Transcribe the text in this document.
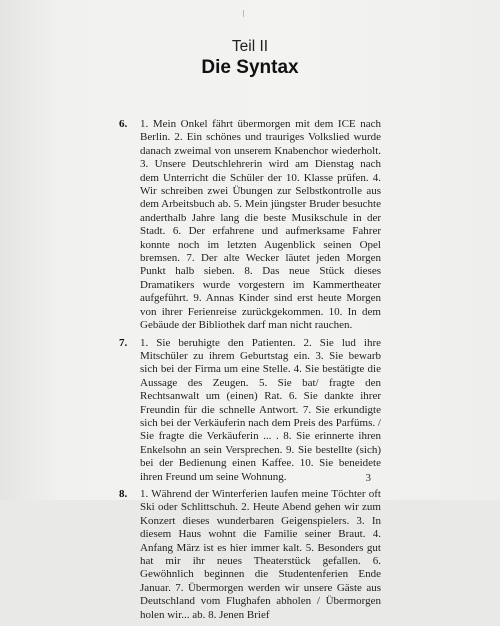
Teil II
Die Syntax
6. 1. Mein Onkel fährt übermorgen mit dem ICE nach Berlin. 2. Ein schönes und trauriges Volkslied wurde danach zweimal von unserem Knabenchor wiederholt. 3. Unsere Deutschlehrerin wird am Dienstag nach dem Unterricht die Schüler der 10. Klasse prüfen. 4. Wir schreiben zwei Übungen zur Selbstkontrolle aus dem Arbeitsbuch ab. 5. Mein jüngster Bruder besuchte anderthalb Jahre lang die beste Musikschule in der Stadt. 6. Der erfahrene und aufmerksame Fahrer konnte noch im letzten Augenblick seinen Opel bremsen. 7. Der alte Wecker läutet jeden Morgen Punkt halb sieben. 8. Das neue Stück dieses Dramatikers wurde vorgestern im Kammertheater aufgeführt. 9. Annas Kinder sind erst heute Morgen von ihrer Ferienreise zurückgekommen. 10. In dem Gebäude der Bibliothek darf man nicht rauchen.
7. 1. Sie beruhigte den Patienten. 2. Sie lud ihre Mitschüler zu ihrem Geburtstag ein. 3. Sie bewarb sich bei der Firma um eine Stelle. 4. Sie bestätigte die Aussage des Zeugen. 5. Sie bat/ fragte den Rechtsanwalt um (einen) Rat. 6. Sie dankte ihrer Freundin für die schnelle Antwort. 7. Sie erkundigte sich bei der Verkäuferin nach dem Preis des Parfüms. / Sie fragte die Verkäuferin ... . 8. Sie erinnerte ihren Enkelsohn an sein Versprechen. 9. Sie bestellte (sich) bei der Bedienung einen Kaffee. 10. Sie beneidete ihren Freund um seine Wohnung.
8. 1. Während der Winterferien laufen meine Töchter oft Ski oder Schlittschuh. 2. Heute Abend gehen wir zum Konzert dieses wunderbaren Geigenspielers. 3. In diesem Haus wohnt die Familie seiner Braut. 4. Anfang März ist es hier immer kalt. 5. Besonders gut hat mir ihr neues Theaterstück gefallen. 6. Gewöhnlich beginnen die Studentenferien Ende Januar. 7. Übermorgen werden wir unsere Gäste aus Deutschland vom Flughafen abholen / Übermorgen holen wir... ab. 8. Jenen Brief
3
